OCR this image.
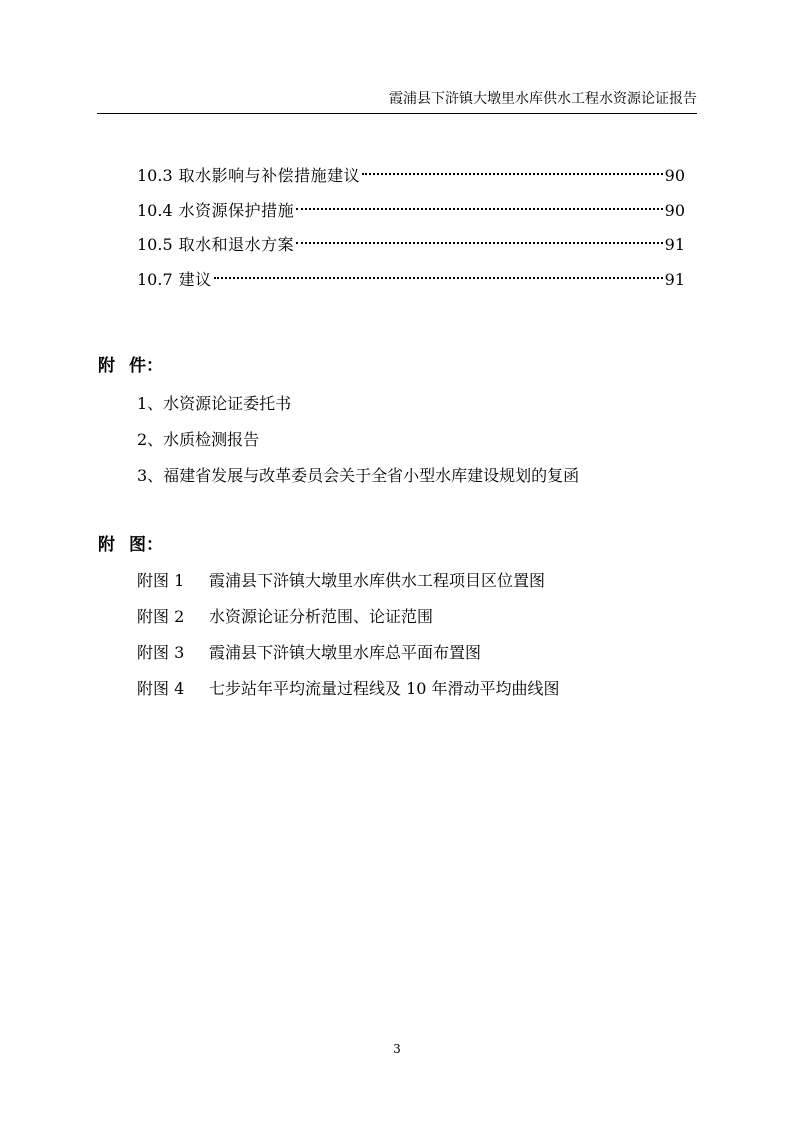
霞浦县下浒镇大墩里水库供水工程水资源论证报告
10.3 取水影响与补偿措施建议	90
10.4 水资源保护措施	90
10.5 取水和退水方案	91
10.7 建议	91
附 件：
1、水资源论证委托书
2、水质检测报告
3、福建省发展与改革委员会关于全省小型水库建设规划的复函
附 图：
附图 1 霞浦县下浒镇大墩里水库供水工程项目区位置图
附图 2 水资源论证分析范围、论证范围
附图 3 霞浦县下浒镇大墩里水库总平面布置图
附图 4 七步站年平均流量过程线及 10 年滑动平均曲线图
3
